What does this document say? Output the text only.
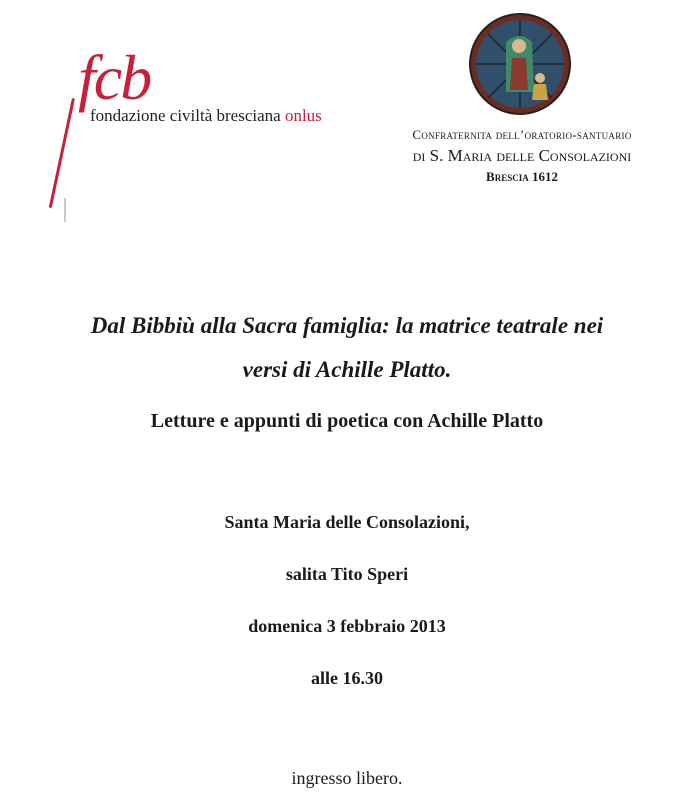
fcb
fondazione civiltà bresciana onlus
Confraternita dell’oratorio-santuario
di S. Maria delle Consolazioni
Brescia 1612
Dal Bibbiù alla Sacra famiglia: la matrice teatrale nei
versi di Achille Platto.
Letture e appunti di poetica con Achille Platto
Santa Maria delle Consolazioni,
salita Tito Speri
domenica 3 febbraio 2013
alle 16.30
ingresso libero.
